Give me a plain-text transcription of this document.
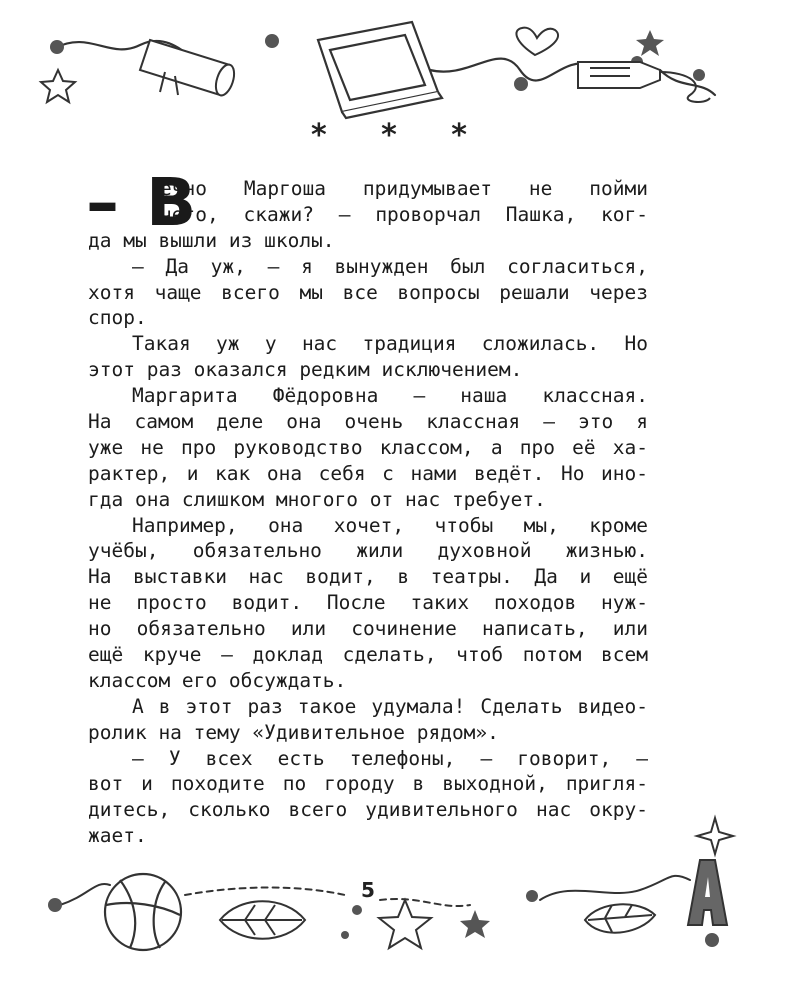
* * *
– В
ечно Маргоша придумывает не пойми
чего, скажи? — проворчал Пашка, ког-
да мы вышли из школы.
— Да уж, — я вынужден был согласиться,
хотя чаще всего мы все вопросы решали через
спор.
Такая уж у нас традиция сложилась. Но
этот раз оказался редким исключением.
Маргарита Фёдоровна — наша классная.
На самом деле она очень классная — это я
уже не про руководство классом, а про её ха-
рактер, и как она себя с нами ведёт. Но ино-
гда она слишком многого от нас требует.
Например, она хочет, чтобы мы, кроме
учёбы, обязательно жили духовной жизнью.
На выставки нас водит, в театры. Да и ещё
не просто водит. После таких походов нуж-
но обязательно или сочинение написать, или
ещё круче — доклад сделать, чтоб потом всем
классом его обсуждать.
А в этот раз такое удумала! Сделать видео-
ролик на тему «Удивительное рядом».
— У всех есть телефоны, — говорит, —
вот и походите по городу в выходной, пригля-
дитесь, сколько всего удивительного нас окру-
жает.
5
